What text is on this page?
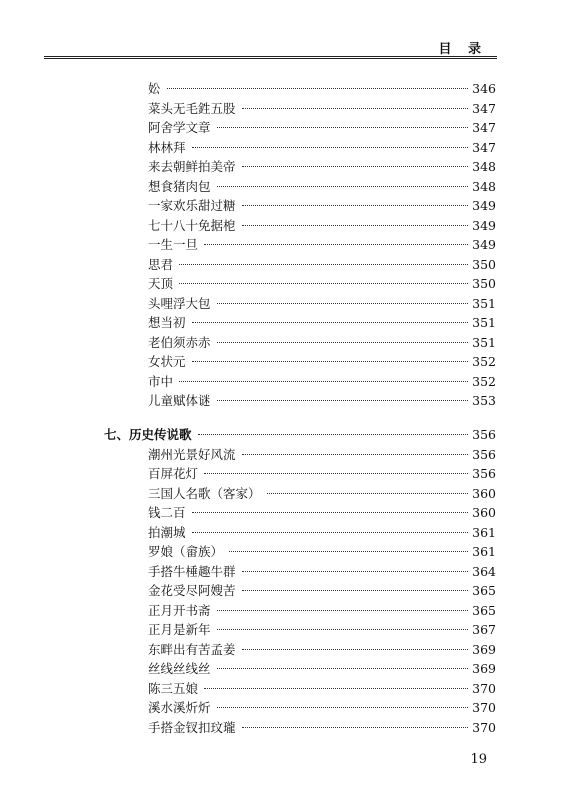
目 录
妐	346
菜头无毛鉎五股	347
阿舍学文章	347
林林拜	347
来去朝鲜拍美帝	348
想食猪肉包	348
一家欢乐甜过糖	349
七十八十免据梎	349
一生一旦	349
思君	350
天顶	350
头哩浮大包	351
想当初	351
老伯须赤赤	351
女状元	352
市中	352
儿童赋体谜	353
七、历史传说歌	356
潮州光景好风流	356
百屏花灯	356
三国人名歌（客家）	360
钱二百	360
拍潮城	361
罗娘（畲族）	361
手搭牛棰趣牛群	364
金花受尽阿嫂苦	365
正月开书斋	365
正月是新年	367
东畔出有苦孟姜	369
丝线丝线丝	369
陈三五娘	370
溪水溪炘炘	370
手搭金钗扣玟瓏	370
19
